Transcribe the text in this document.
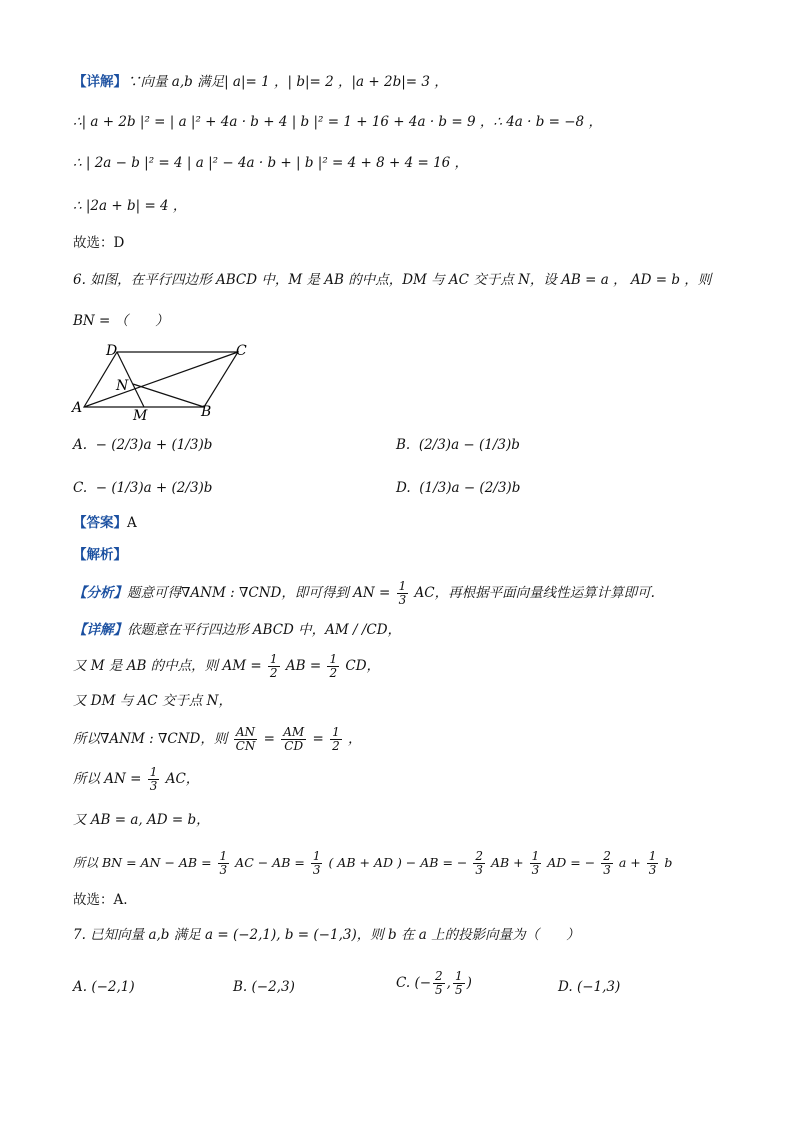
【详解】∵向量 a,b 满足| a|= 1 ，| b|= 2 ，|a + 2b|= 3 ，
∴| a + 2b |² = | a |² + 4a · b + 4 | b |² = 1 + 16 + 4a · b = 9 ，∴ 4a · b = −8 ，
∴ | 2a − b |² = 4 | a |² − 4a · b + | b |² = 4 + 8 + 4 = 16 ，
∴ |2a + b| = 4 ，
故选：D
6. 如图，在平行四边形 ABCD 中，M 是 AB 的中点，DM 与 AC 交于点 N，设 AB = a ， AD = b ，则
BN = （　　）
D	C
N
A	M	B
A. − (2/3)a + (1/3)b	B. (2/3)a − (1/3)b
C. − (1/3)a + (2/3)b	D. (1/3)a − (2/3)b
【答案】A
【解析】
【分析】题意可得∇ANM : ∇CND，即可得到 AN = $\frac{1}{3}$ AC，再根据平面向量线性运算计算即可.
【详解】依题意在平行四边形 ABCD 中，AM / /CD，
又 M 是 AB 的中点，则 AM = $\frac{1}{2}$ AB = $\frac{1}{2}$ CD，
又 DM 与 AC 交于点 N，
所以∇ANM : ∇CND，则 $\frac{AN}{CN} = \frac{AM}{CD} = \frac{1}{2}$ ，
所以 AN = $\frac{1}{3}$ AC，
又 AB = a, AD = b，
所以 BN = AN − AB = $\frac{1}{3}$ AC − AB = $\frac{1}{3}$ ( AB + AD ) − AB = − $\frac{2}{3}$ AB + $\frac{1}{3}$ AD = − $\frac{2}{3}$ $a + \frac{1}{3}$ b
故选：A.
7. 已知向量 a,b 满足 a = (−2,1), b = (−1,3)，则 b 在 a 上的投影向量为（　　）
A. (−2,1)	B. (−2,3)	C. (− $\frac{2}{5}$ , $\frac{1}{5}$ )	D. (−1,3)
